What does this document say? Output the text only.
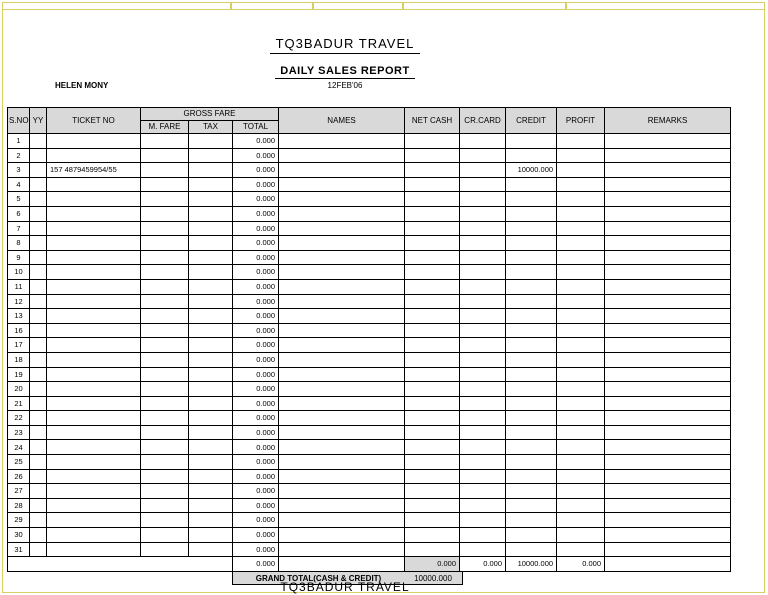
TQ3BADUR TRAVEL
DAILY SALES REPORT
HELEN MONY	12FEB'06
S.NO	YY	TICKET NO	GROSS FARE			NAMES	NET CASH	CR.CARD	CREDIT	PROFIT	REMARKS
			M. FARE	TAX	TOTAL						
1					0.000						
2					0.000						
3		157 4879459954/55			0.000				10000.000		
4					0.000						
5					0.000						
6					0.000						
7					0.000						
8					0.000						
9					0.000						
10					0.000						
11					0.000						
12					0.000						
13					0.000						
16					0.000						
17					0.000						
18					0.000						
19					0.000						
20					0.000						
21					0.000						
22					0.000						
23					0.000						
24					0.000						
25					0.000						
26					0.000						
27					0.000						
28					0.000						
29					0.000						
30					0.000						
31					0.000						
					0.000		0.000	0.000	10000.000	0.000	
GRAND TOTAL(CASH & CREDIT)	10000.000
TQ3BADUR TRAVEL
